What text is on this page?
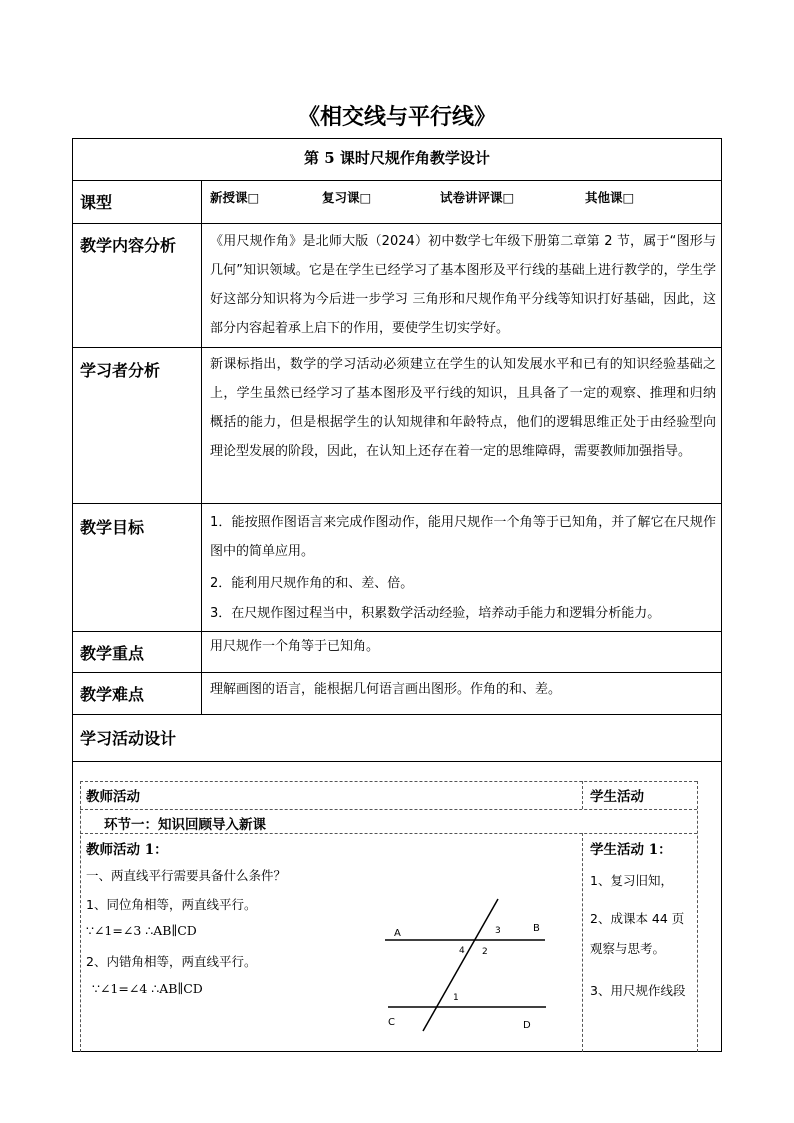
《相交线与平行线》
第 5 课时尺规作角教学设计
课型	新授课□	复习课□	试卷讲评课□	其他课□
教学内容分析	《用尺规作角》是北师大版（2024）初中数学七年级下册第二章第 2 节，属于“图形与几何”知识领域。它是在学生已经学习了基本图形及平行线的基础上进行教学的，学生学好这部分知识将为今后进一步学习 三角形和尺规作角平分线等知识打好基础，因此，这部分内容起着承上启下的作用，要使学生切实学好。
学习者分析	新课标指出，数学的学习活动必须建立在学生的认知发展水平和已有的知识经验基础之上，学生虽然已经学习了基本图形及平行线的知识，且具备了一定的观察、推理和归纳概括的能力，但是根据学生的认知规律和年龄特点，他们的逻辑思维正处于由经验型向理论型发展的阶段，因此，在认知上还存在着一定的思维障碍，需要教师加强指导。
教学目标	1．能按照作图语言来完成作图动作，能用尺规作一个角等于已知角，并了解它在尺规作图中的简单应用。
2．能利用尺规作角的和、差、倍。
3．在尺规作图过程当中，积累数学活动经验，培养动手能力和逻辑分析能力。
教学重点	用尺规作一个角等于已知角。
教学难点	理解画图的语言，能根据几何语言画出图形。作角的和、差。
学习活动设计
教师活动	学生活动
环节一：知识回顾导入新课
教师活动 1：
一、两直线平行需要具备什么条件？
1、同位角相等，两直线平行。
∵∠1=∠3 ∴AB∥CD
2、内错角相等，两直线平行。
∵∠1=∠4 ∴AB∥CD
学生活动 1：
1、复习旧知，
2、成课本 44 页
观察与思考。
3、用尺规作线段
A	B
C	D
1
2
3
4
